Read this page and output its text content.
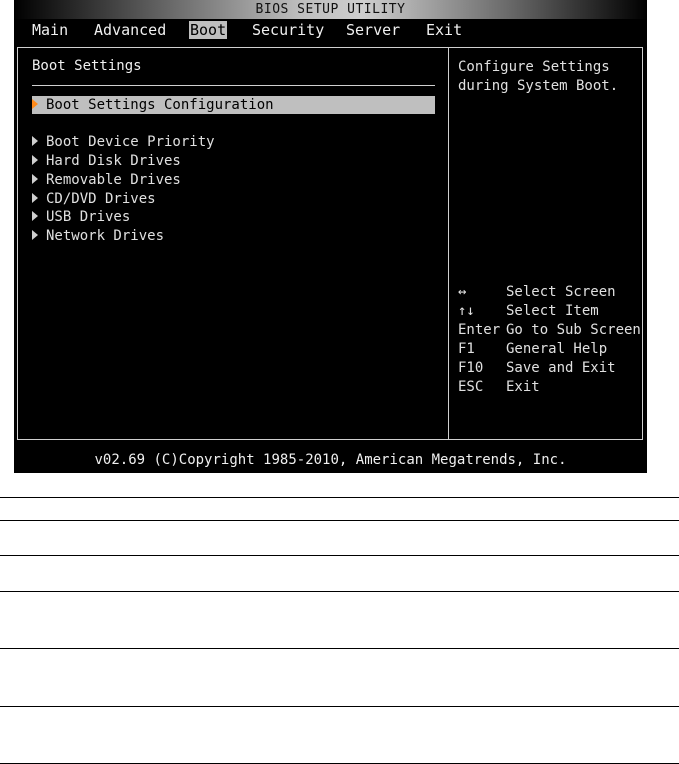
BIOS SETUP UTILITY
Main Advanced Boot Security Server Exit
Boot Settings
Boot Settings Configuration
Boot Device Priority
Hard Disk Drives
Removable Drives
CD/DVD Drives
USB Drives
Network Drives
Configure Settings
during System Boot.
↔	Select Screen
↑↓ Select Item
Enter Go to Sub Screen
F1 General Help
F10 Save and Exit
ESC Exit
v02.69 (C)Copyright 1985-2010, American Megatrends, Inc.
